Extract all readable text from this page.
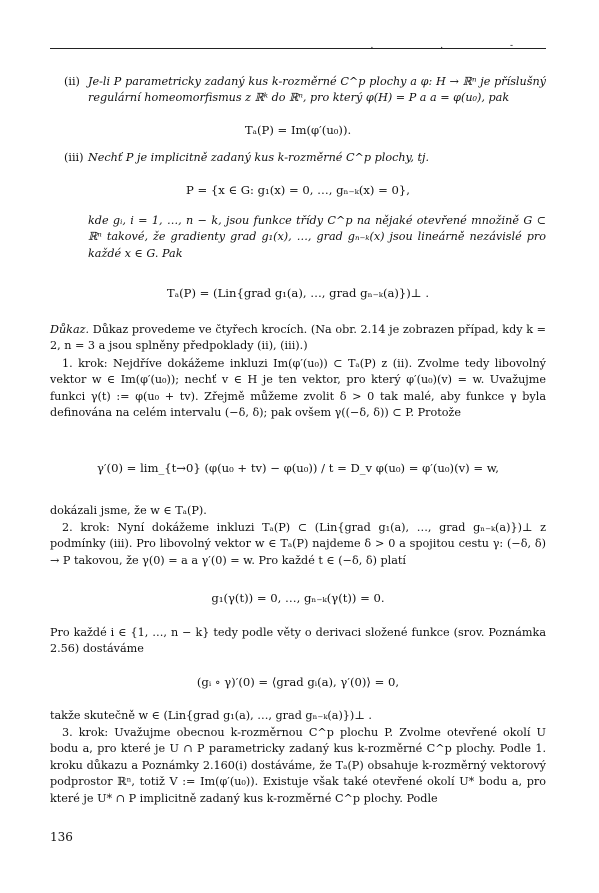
. . -
(ii) Je-li P parametricky zadaný kus k-rozměrné C^p plochy a φ: H → ℝⁿ je příslušný regulární homeomorfismus z ℝᵏ do ℝⁿ, pro který φ(H) = P a a = φ(u₀), pak
Tₐ(P) = Im(φ′(u₀)).
(iii) Nechť P je implicitně zadaný kus k-rozměrné C^p plochy, tj.
P = {x ∈ G: g₁(x) = 0, …, gₙ₋ₖ(x) = 0},
kde gᵢ, i = 1, …, n − k, jsou funkce třídy C^p na nějaké otevřené množině G ⊂ ℝⁿ takové, že gradienty grad g₁(x), …, grad gₙ₋ₖ(x) jsou lineárně nezávislé pro každé x ∈ G. Pak
Tₐ(P) = (Lin{grad g₁(a), …, grad gₙ₋ₖ(a)})⊥ .
Důkaz. Důkaz provedeme ve čtyřech krocích. (Na obr. 2.14 je zobrazen případ, kdy k = 2, n = 3 a jsou splněny předpoklady (ii), (iii).)
1. krok: Nejdříve dokážeme inkluzi Im(φ′(u₀)) ⊂ Tₐ(P) z (ii). Zvolme tedy libovolný vektor w ∈ Im(φ′(u₀)); nechť v ∈ H je ten vektor, pro který φ′(u₀)(v) = w. Uvažujme funkci γ(t) := φ(u₀ + tv). Zřejmě můžeme zvolit δ > 0 tak malé, aby funkce γ byla definována na celém intervalu (−δ, δ); pak ovšem γ((−δ, δ)) ⊂ P. Protože
γ′(0) = lim_{t→0} (φ(u₀ + tv) − φ(u₀)) / t = D_v φ(u₀) = φ′(u₀)(v) = w,
dokázali jsme, že w ∈ Tₐ(P).
2. krok: Nyní dokážeme inkluzi Tₐ(P) ⊂ (Lin{grad g₁(a), …, grad gₙ₋ₖ(a)})⊥ z podmínky (iii). Pro libovolný vektor w ∈ Tₐ(P) najdeme δ > 0 a spojitou cestu γ: (−δ, δ) → P takovou, že γ(0) = a a γ′(0) = w. Pro každé t ∈ (−δ, δ) platí
g₁(γ(t)) = 0, …, gₙ₋ₖ(γ(t)) = 0.
Pro každé i ∈ {1, …, n − k} tedy podle věty o derivaci složené funkce (srov. Poznámka 2.56) dostáváme
(gᵢ ∘ γ)′(0) = ⟨grad gᵢ(a), γ′(0)⟩ = 0,
takže skutečně w ∈ (Lin{grad g₁(a), …, grad gₙ₋ₖ(a)})⊥ .
3. krok: Uvažujme obecnou k-rozměrnou C^p plochu P. Zvolme otevřené okolí U bodu a, pro které je U ∩ P parametricky zadaný kus k-rozměrné C^p plochy. Podle 1. kroku důkazu a Poznámky 2.160(i) dostáváme, že Tₐ(P) obsahuje k-rozměrný vektorový podprostor ℝⁿ, totiž V := Im(φ′(u₀)). Existuje však také otevřené okolí U* bodu a, pro které je U* ∩ P implicitně zadaný kus k-rozměrné C^p plochy. Podle
136
